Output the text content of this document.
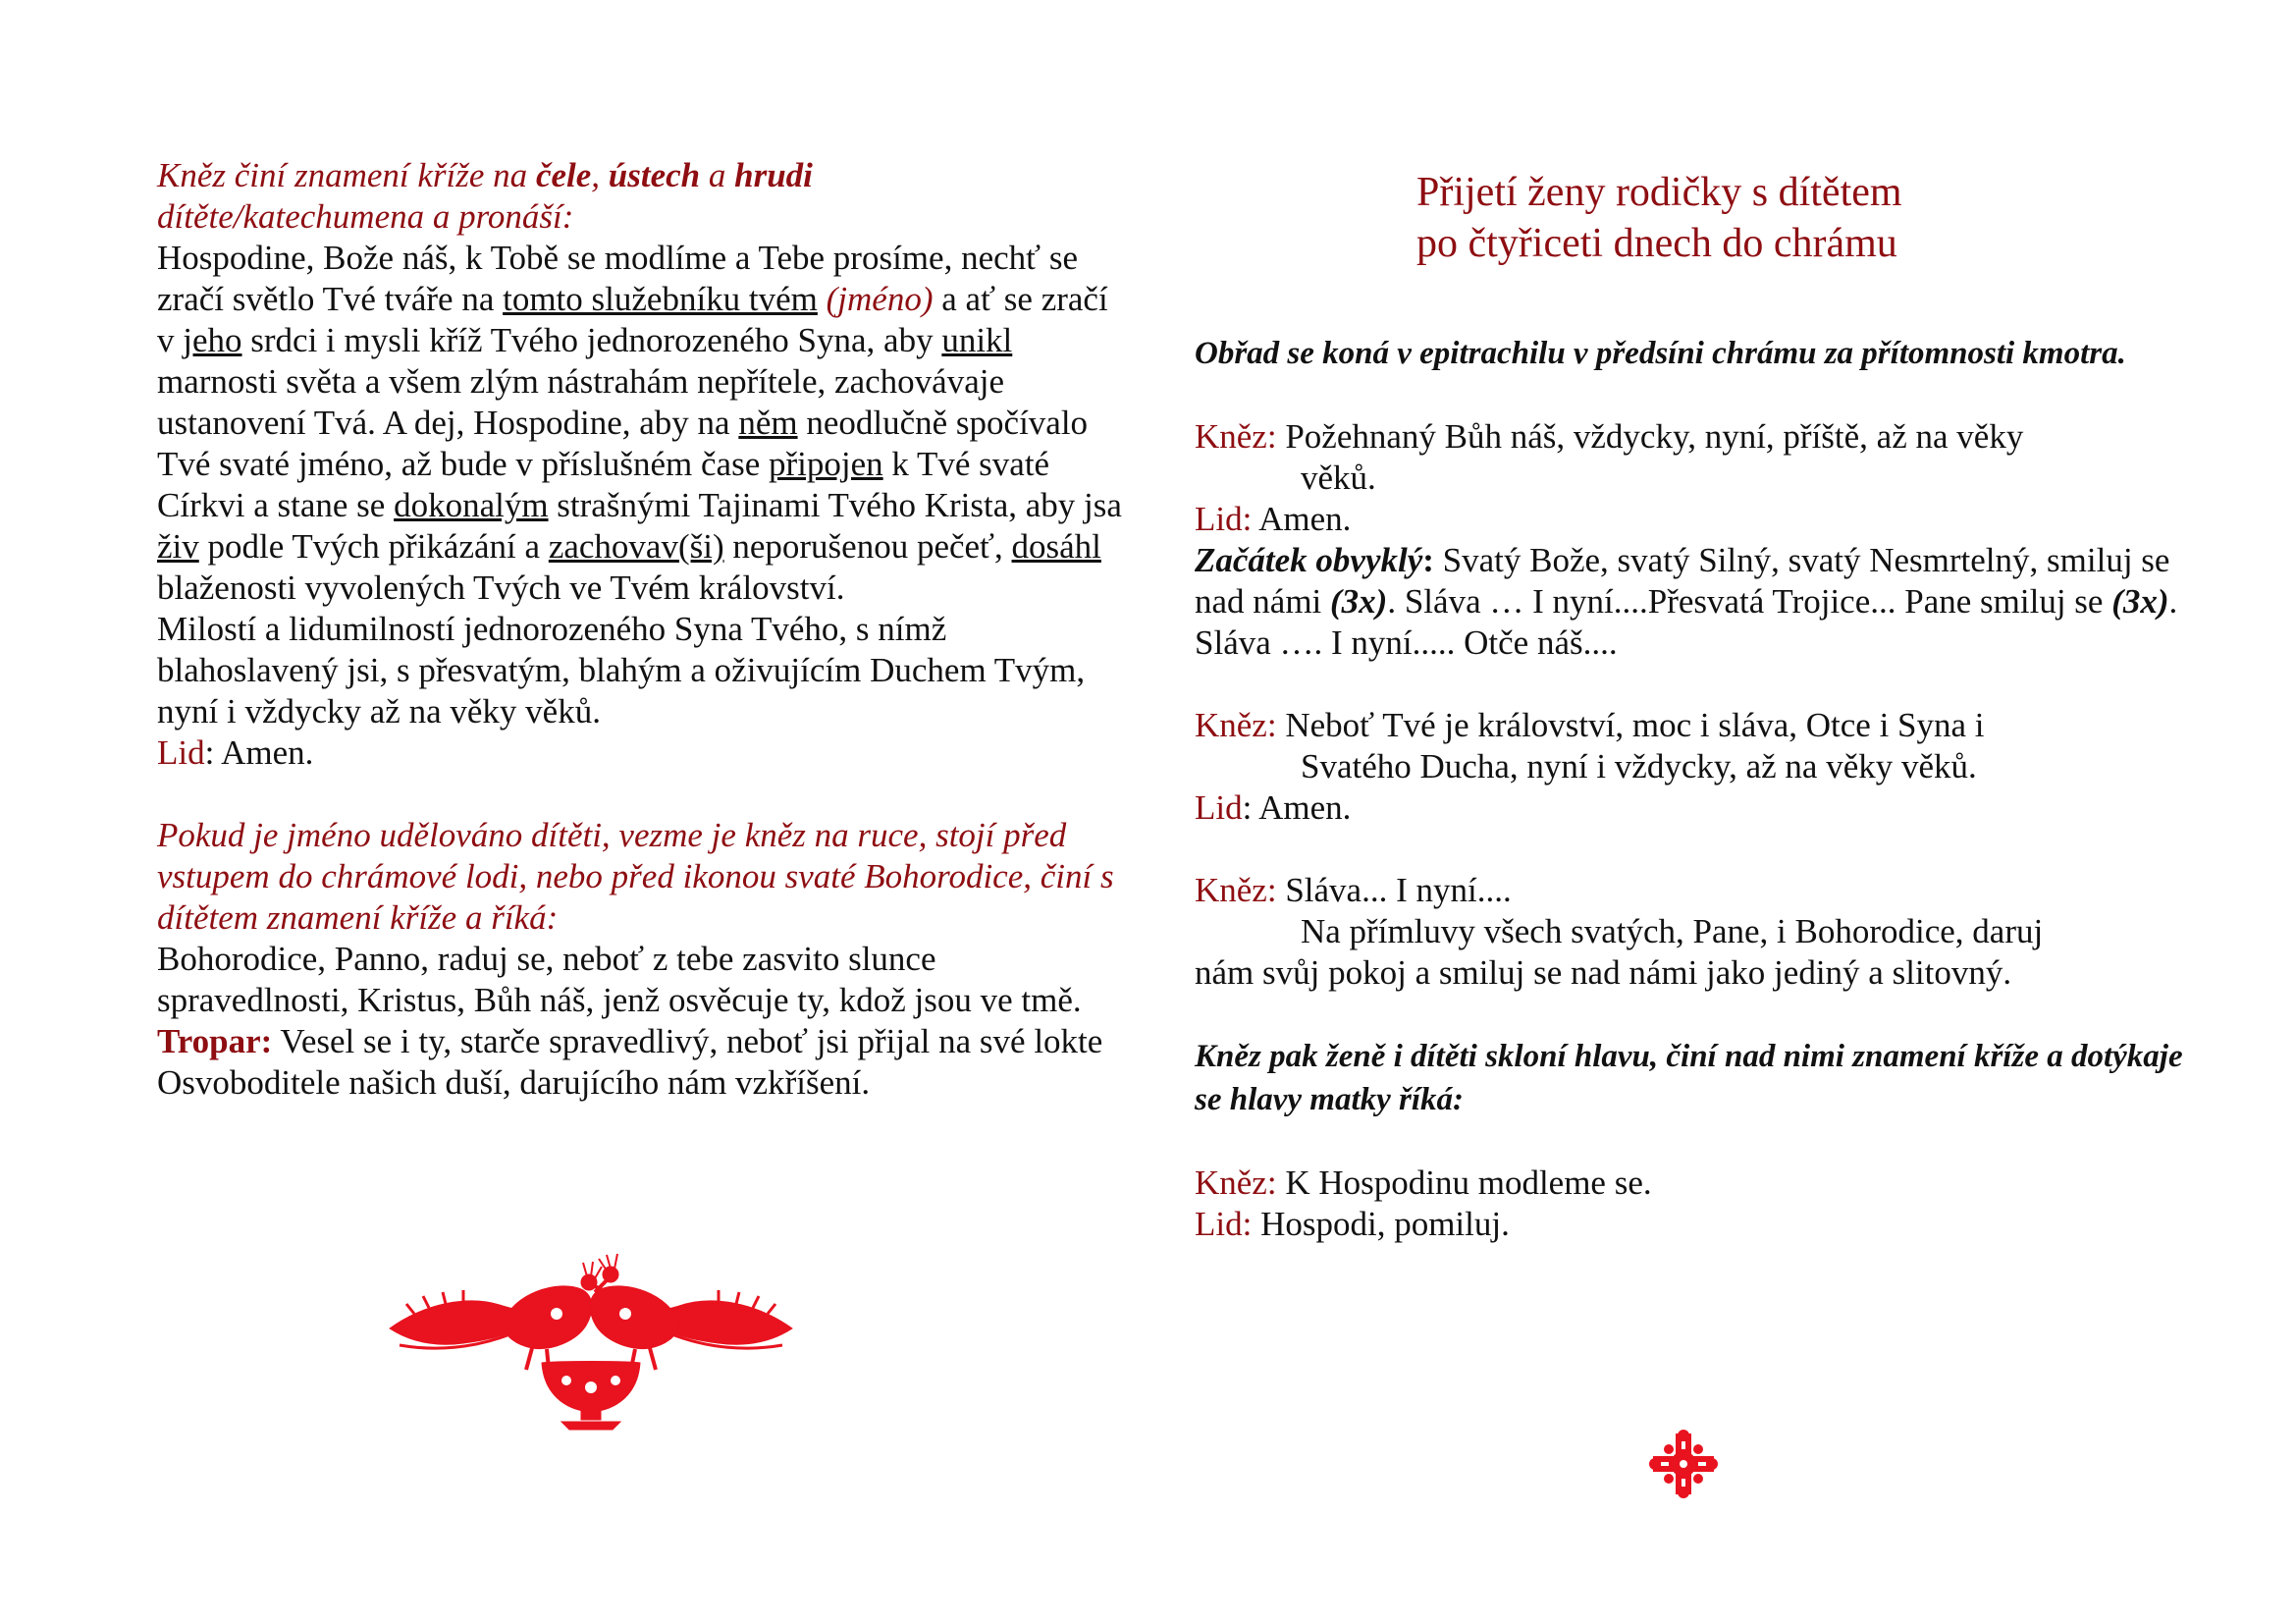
Kněz činí znamení kříže na čele, ústech a hrudi
dítěte/katechumena a pronáší:

Hospodine, Bože náš, k Tobě se modlíme a Tebe prosíme, nechť se zračí světlo Tvé tváře na tomto služebníku tvém (jméno) a ať se zračí v jeho srdci i mysli kříž Tvého jednorozeného Syna, aby unikl marnosti světa a všem zlým nástrahám nepřítele, zachovávaje ustanovení Tvá. A dej, Hospodine, aby na něm neodlučně spočívalo Tvé svaté jméno, až bude v příslušném čase připojen k Tvé svaté Církvi a stane se dokonalým strašnými Tajinami Tvého Krista, aby jsa živ podle Tvých přikázání a zachovav(ši) neporušenou pečeť, dosáhl blaženosti vyvolených Tvých ve Tvém království.

Milostí a lidumilností jednorozeného Syna Tvého, s nímž blahoslavený jsi, s přesvatým, blahým a oživujícím Duchem Tvým, nyní i vždycky až na věky věků.

Lid: Amen.

Pokud je jméno udělováno dítěti, vezme je kněz na ruce, stojí před vstupem do chrámové lodi, nebo před ikonou svaté Bohorodice, činí s dítětem znamení kříže a říká:

Bohorodice, Panno, raduj se, neboť z tebe zasvito slunce spravedlnosti, Kristus, Bůh náš, jenž osvěcuje ty, kdož jsou ve tmě.

Tropar: Vesel se i ty, starče spravedlivý, neboť jsi přijal na své lokte Osvoboditele našich duší, darujícího nám vzkříšení.

Přijetí ženy rodičky s dítětem
po čtyřiceti dnech do chrámu

Obřad se koná v epitrachilu v předsíni chrámu za přítomnosti kmotra.

Kněz: Požehnaný Bůh náš, vždycky, nyní, příště, až na věky
věků.

Lid: Amen.

Začátek obvyklý: Svatý Bože, svatý Silný, svatý Nesmrtelný, smiluj se nad námi (3x). Sláva … I nyní....Přesvatá Trojice... Pane smiluj se (3x). Sláva …. I nyní..... Otče náš....

Kněz: Neboť Tvé je království, moc i sláva, Otce i Syna i
Svatého Ducha, nyní i vždycky, až na věky věků.

Lid: Amen.

Kněz: Sláva... I nyní....
Na přímluvy všech svatých, Pane, i Bohorodice, daruj
nám svůj pokoj a smiluj se nad námi jako jediný a slitovný.

Kněz pak ženě i dítěti skloní hlavu, činí nad nimi znamení kříže a dotýkaje se hlavy matky říká:

Kněz: K Hospodinu modleme se.

Lid: Hospodi, pomiluj.
